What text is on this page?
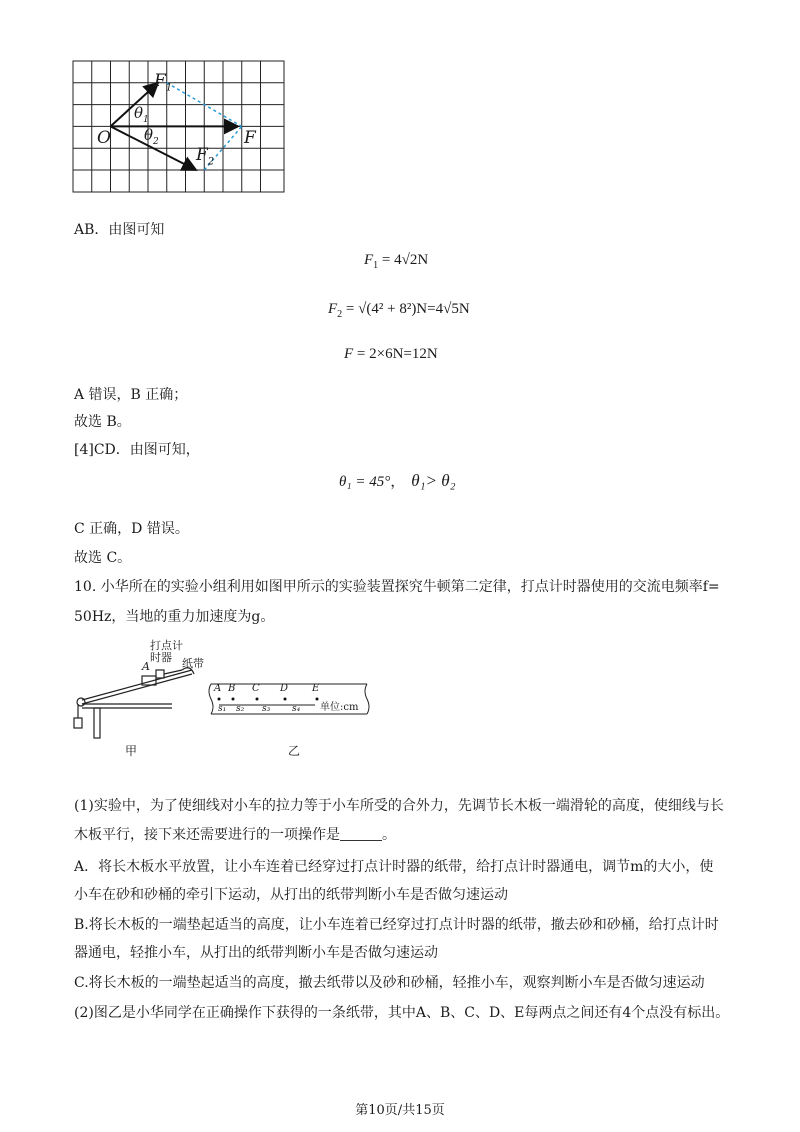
$F_1$
$F_2$
F
O
$\theta_1$
$\theta_2$
AB．由图可知
$F_1 = 4√2N$
$F_2 = √(4^2 + 8^2)N=4√5N$
F = 2×6N=12N
A 错误，B 正确；
故选 B。
[4]CD．由图可知，
θ₁ = 45°， θ₁> θ₂
C 正确，D 错误。
故选 C。
10. 小华所在的实验小组利用如图甲所示的实验装置探究牛顿第二定律，打点计时器使用的交流电频率f=
50Hz，当地的重力加速度为g。
打点计
时器 纸带
A
甲
A B C D E
s₁ s₂ s₃ s₄ 单位:cm
乙
(1)实验中，为了使细线对小车的拉力等于小车所受的合外力，先调节长木板一端滑轮的高度，使细线与长
木板平行，接下来还需要进行的一项操作是	。
A．将长木板水平放置，让小车连着已经穿过打点计时器的纸带，给打点计时器通电，调节m的大小，使
小车在砂和砂桶的牵引下运动，从打出的纸带判断小车是否做匀速运动
B.将长木板的一端垫起适当的高度，让小车连着已经穿过打点计时器的纸带，撤去砂和砂桶，给打点计时
器通电，轻推小车，从打出的纸带判断小车是否做匀速运动
C.将长木板的一端垫起适当的高度，撤去纸带以及砂和砂桶，轻推小车，观察判断小车是否做匀速运动
(2)图乙是小华同学在正确操作下获得的一条纸带，其中A、B、C、D、E每两点之间还有4个点没有标出。
第10页/共15页
